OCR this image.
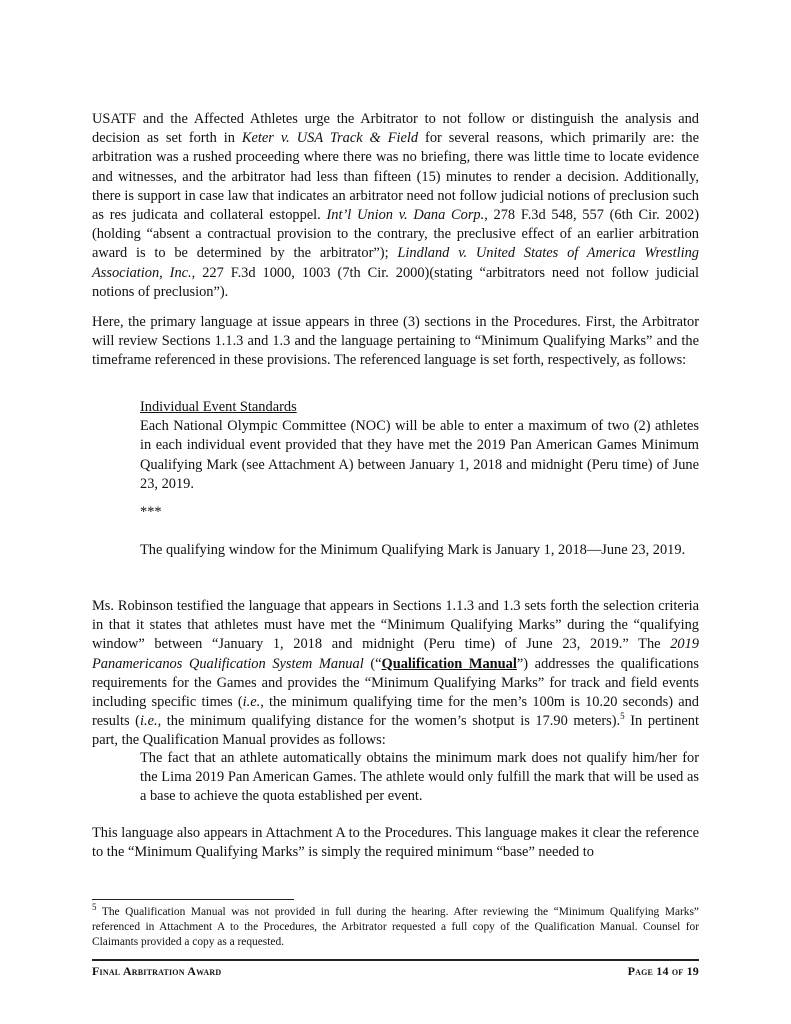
USATF and the Affected Athletes urge the Arbitrator to not follow or distinguish the analysis and decision as set forth in Keter v. USA Track & Field for several reasons, which primarily are: the arbitration was a rushed proceeding where there was no briefing, there was little time to locate evidence and witnesses, and the arbitrator had less than fifteen (15) minutes to render a decision. Additionally, there is support in case law that indicates an arbitrator need not follow judicial notions of preclusion such as res judicata and collateral estoppel. Int’l Union v. Dana Corp., 278 F.3d 548, 557 (6th Cir. 2002)(holding “absent a contractual provision to the contrary, the preclusive effect of an earlier arbitration award is to be determined by the arbitrator”); Lindland v. United States of America Wrestling Association, Inc., 227 F.3d 1000, 1003 (7th Cir. 2000)(stating “arbitrators need not follow judicial notions of preclusion”).

Here, the primary language at issue appears in three (3) sections in the Procedures. First, the Arbitrator will review Sections 1.1.3 and 1.3 and the language pertaining to “Minimum Qualifying Marks” and the timeframe referenced in these provisions. The referenced language is set forth, respectively, as follows:

Individual Event Standards

Each National Olympic Committee (NOC) will be able to enter a maximum of two (2) athletes in each individual event provided that they have met the 2019 Pan American Games Minimum Qualifying Mark (see Attachment A) between January 1, 2018 and midnight (Peru time) of June 23, 2019.

***

The qualifying window for the Minimum Qualifying Mark is January 1, 2018—June 23, 2019.

Ms. Robinson testified the language that appears in Sections 1.1.3 and 1.3 sets forth the selection criteria in that it states that athletes must have met the “Minimum Qualifying Marks” during the “qualifying window” between “January 1, 2018 and midnight (Peru time) of June 23, 2019.” The 2019 Panamericanos Qualification System Manual (“Qualification Manual”) addresses the qualifications requirements for the Games and provides the “Minimum Qualifying Marks” for track and field events including specific times (i.e., the minimum qualifying time for the men’s 100m is 10.20 seconds) and results (i.e., the minimum qualifying distance for the women’s shotput is 17.90 meters).$^5$ In pertinent part, the Qualification Manual provides as follows:

The fact that an athlete automatically obtains the minimum mark does not qualify him/her for the Lima 2019 Pan American Games. The athlete would only fulfill the mark that will be used as a base to achieve the quota established per event.

This language also appears in Attachment A to the Procedures. This language makes it clear the reference to the “Minimum Qualifying Marks” is simply the required minimum “base” needed to

$^5$ The Qualification Manual was not provided in full during the hearing. After reviewing the “Minimum Qualifying Marks” referenced in Attachment A to the Procedures, the Arbitrator requested a full copy of the Qualification Manual. Counsel for Claimants provided a copy as a requested.

Final Arbitration Award	Page 14 of 19
